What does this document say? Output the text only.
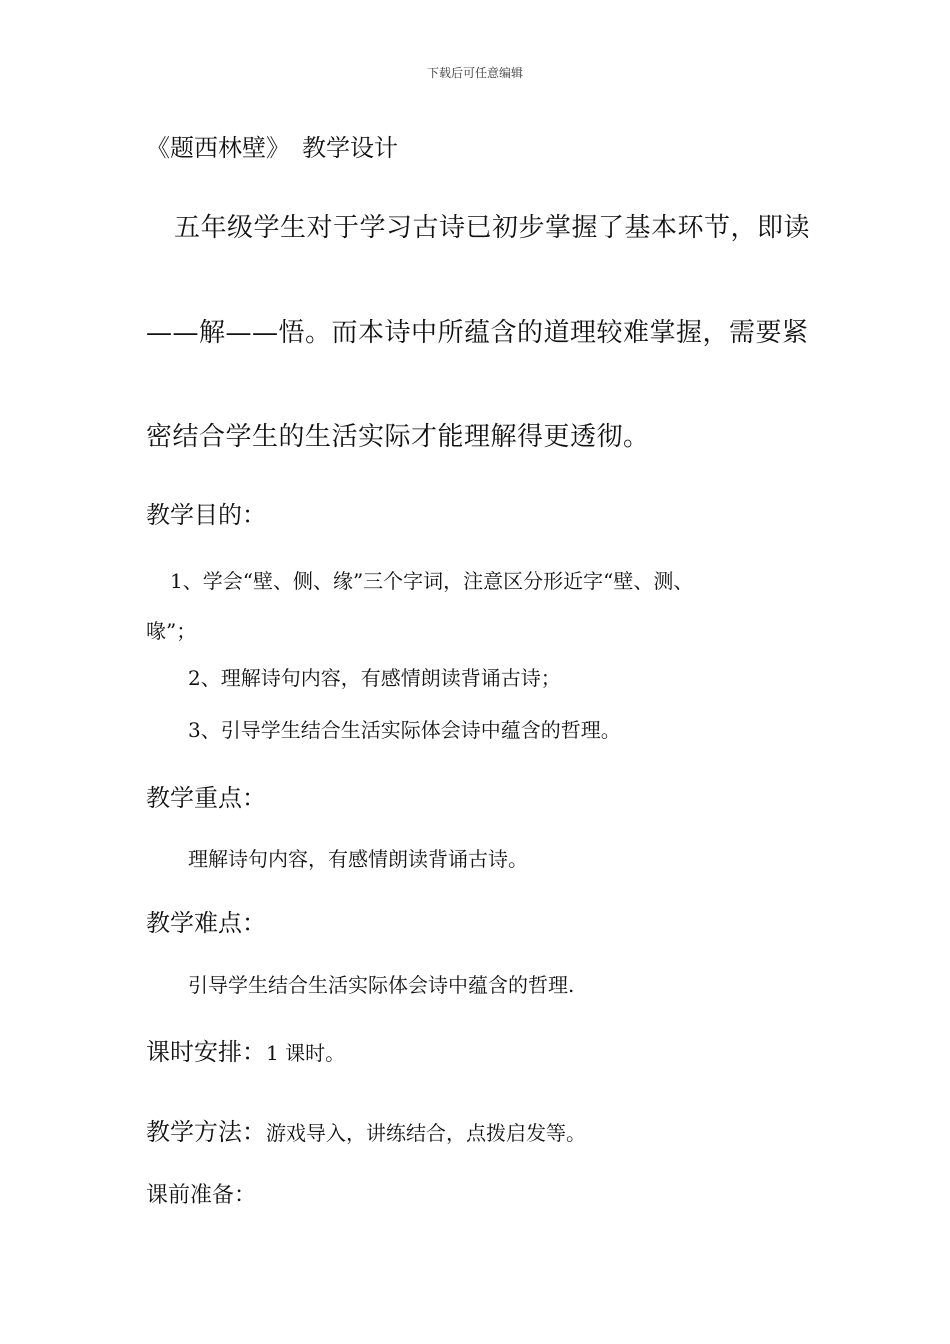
下载后可任意编辑
《题西林壁》　教学设计
五年级学生对于学习古诗已初步掌握了基本环节，即读
——解——悟。而本诗中所蕴含的道理较难掌握，需要紧
密结合学生的生活实际才能理解得更透彻。
教学目的：
1、学会“壁、侧、缘”三个字词，注意区分形近字“壁、测、
喙”；
2、理解诗句内容，有感情朗读背诵古诗；
3、引导学生结合生活实际体会诗中蕴含的哲理。
教学重点：
理解诗句内容，有感情朗读背诵古诗。
教学难点：
引导学生结合生活实际体会诗中蕴含的哲理.
课时安排：1 课时。
教学方法：游戏导入，讲练结合，点拨启发等。
课前准备：
